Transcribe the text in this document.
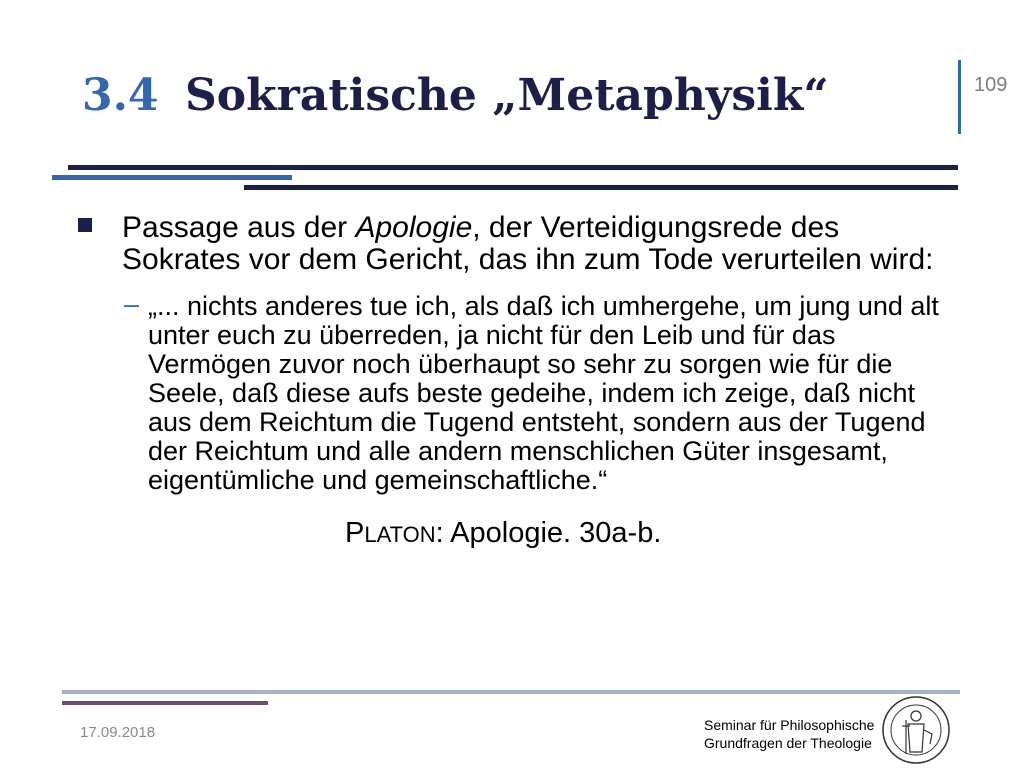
3.4 Sokratische „Metaphysik“	109
Passage aus der Apologie, der Verteidigungsrede des Sokrates vor dem Gericht, das ihn zum Tode verurteilen wird:
– „... nichts anderes tue ich, als daß ich umhergehe, um jung und alt unter euch zu überreden, ja nicht für den Leib und für das Vermögen zuvor noch überhaupt so sehr zu sorgen wie für die Seele, daß diese aufs beste gedeihe, indem ich zeige, daß nicht aus dem Reichtum die Tugend entsteht, sondern aus der Tugend der Reichtum und alle andern menschlichen Güter insgesamt, eigentümliche und gemeinschaftliche.“
PLATON: Apologie. 30a-b.
17.09.2018	Seminar für Philosophische
Grundfragen der Theologie
